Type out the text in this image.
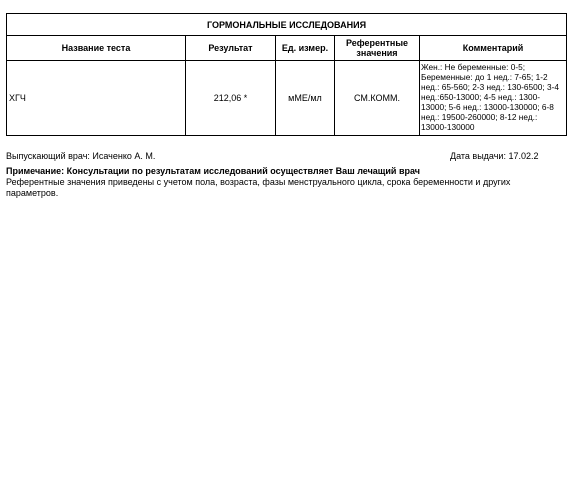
ГОРМОНАЛЬНЫЕ ИССЛЕДОВАНИЯ				
Название теста	Результат	Ед. измер.	Референтные значения	Комментарий
ХГЧ	212,06 *	мМЕ/мл	СМ.КОММ.	Жен.: Не беременные: 0-5; Беременные: до 1 нед.: 7-65; 1-2 нед.: 65-560; 2-3 нед.: 130-6500; 3-4 нед.:650-13000; 4-5 нед.: 1300-13000; 5-6 нед.: 13000-130000; 6-8 нед.: 19500-260000; 8-12 нед.: 13000-130000
Выпускающий врач: Исаченко А. М.	Дата выдачи: 17.02.2
Примечание: Консультации по результатам исследований осуществляет Ваш лечащий врач
Референтные значения приведены с учетом пола, возраста, фазы менструального цикла, срока беременности и других параметров.
